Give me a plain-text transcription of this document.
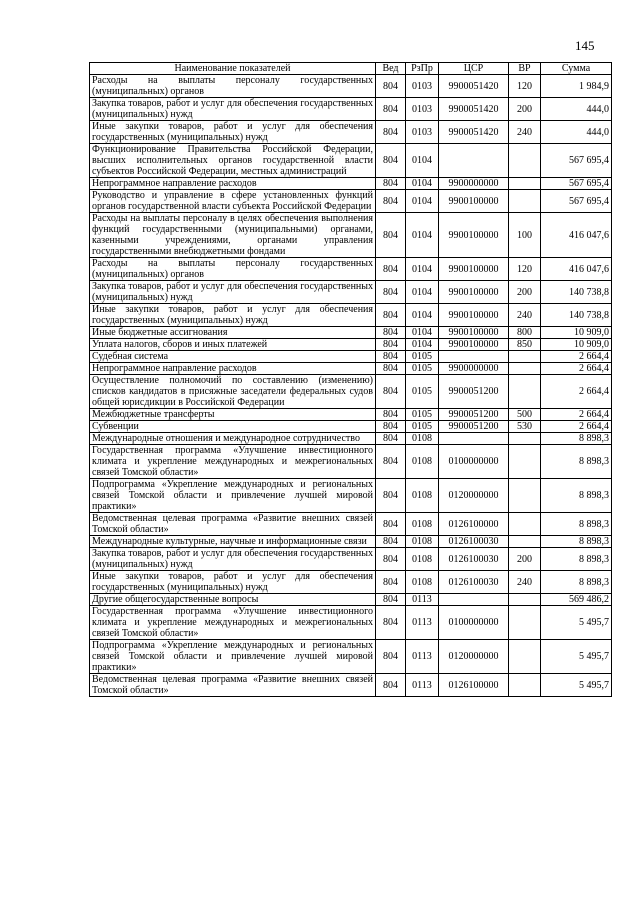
145
Наименование показателей	Вед	РзПр	ЦСР	ВР	Сумма
Расходы на выплаты персоналу государственных (муниципальных) органов	804	0103	9900051420	120	1 984,9
Закупка товаров, работ и услуг для обеспечения государственных (муниципальных) нужд	804	0103	9900051420	200	444,0
Иные закупки товаров, работ и услуг для обеспечения государственных (муниципальных) нужд	804	0103	9900051420	240	444,0
Функционирование Правительства Российской Федерации, высших исполнительных органов государственной власти субъектов Российской Федерации, местных администраций	804	0104			567 695,4
Непрограммное направление расходов	804	0104	9900000000		567 695,4
Руководство и управление в сфере установленных функций органов государственной власти субъекта Российской Федерации	804	0104	9900100000		567 695,4
Расходы на выплаты персоналу в целях обеспечения выполнения функций государственными (муниципальными) органами, казенными учреждениями, органами управления государственными внебюджетными фондами	804	0104	9900100000	100	416 047,6
Расходы на выплаты персоналу государственных (муниципальных) органов	804	0104	9900100000	120	416 047,6
Закупка товаров, работ и услуг для обеспечения государственных (муниципальных) нужд	804	0104	9900100000	200	140 738,8
Иные закупки товаров, работ и услуг для обеспечения государственных (муниципальных) нужд	804	0104	9900100000	240	140 738,8
Иные бюджетные ассигнования	804	0104	9900100000	800	10 909,0
Уплата налогов, сборов и иных платежей	804	0104	9900100000	850	10 909,0
Судебная система	804	0105			2 664,4
Непрограммное направление расходов	804	0105	9900000000		2 664,4
Осуществление полномочий по составлению (изменению) списков кандидатов в присяжные заседатели федеральных судов общей юрисдикции в Российской Федерации	804	0105	9900051200		2 664,4
Межбюджетные трансферты	804	0105	9900051200	500	2 664,4
Субвенции	804	0105	9900051200	530	2 664,4
Международные отношения и международное сотрудничество	804	0108			8 898,3
Государственная программа «Улучшение инвестиционного климата и укрепление международных и межрегиональных связей Томской области»	804	0108	0100000000		8 898,3
Подпрограмма «Укрепление международных и региональных связей Томской области и привлечение лучшей мировой практики»	804	0108	0120000000		8 898,3
Ведомственная целевая программа «Развитие внешних связей Томской области»	804	0108	0126100000		8 898,3
Международные культурные, научные и информационные связи	804	0108	0126100030		8 898,3
Закупка товаров, работ и услуг для обеспечения государственных (муниципальных) нужд	804	0108	0126100030	200	8 898,3
Иные закупки товаров, работ и услуг для обеспечения государственных (муниципальных) нужд	804	0108	0126100030	240	8 898,3
Другие общегосударственные вопросы	804	0113			569 486,2
Государственная программа «Улучшение инвестиционного климата и укрепление международных и межрегиональных связей Томской области»	804	0113	0100000000		5 495,7
Подпрограмма «Укрепление международных и региональных связей Томской области и привлечение лучшей мировой практики»	804	0113	0120000000		5 495,7
Ведомственная целевая программа «Развитие внешних связей Томской области»	804	0113	0126100000		5 495,7
